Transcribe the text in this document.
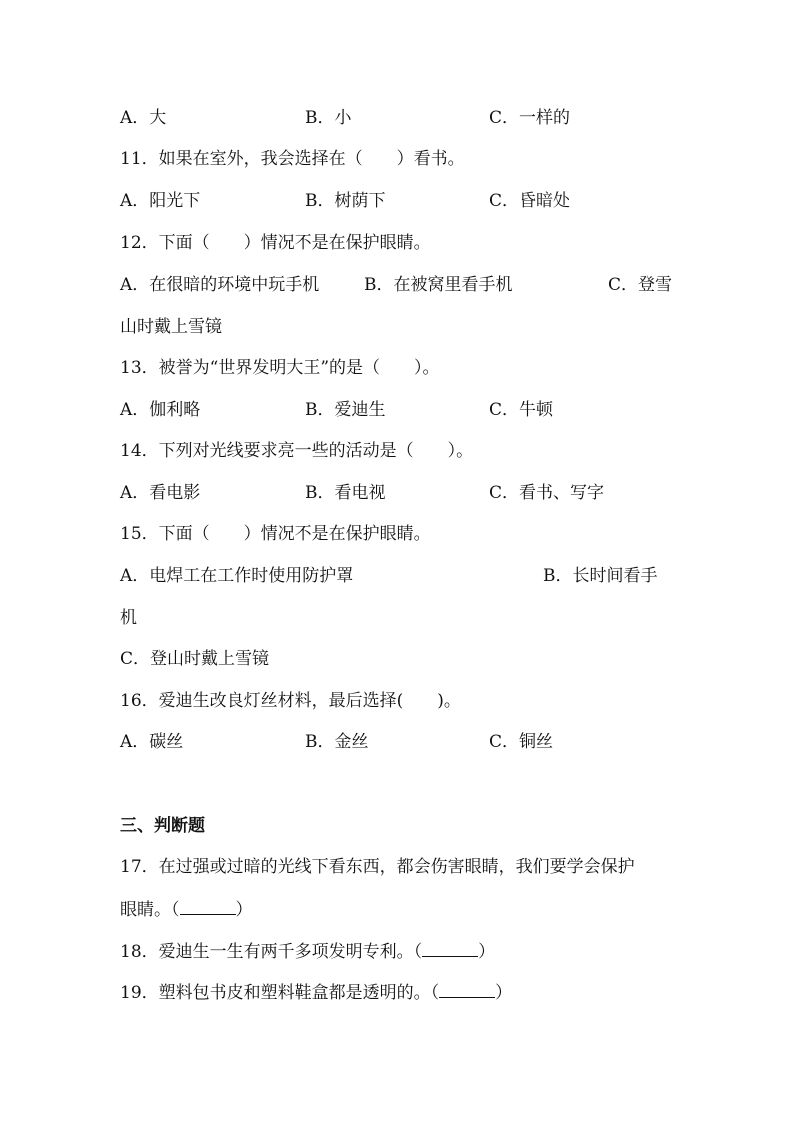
A．大	B．小	C．一样的
11．如果在室外，我会选择在（　　）看书。
A．阳光下	B．树荫下	C．昏暗处
12．下面（　　）情况不是在保护眼睛。
A．在很暗的环境中玩手机	B．在被窝里看手机	C．登雪
山时戴上雪镜
13．被誉为“世界发明大王”的是（　　）。
A．伽利略	B．爱迪生	C．牛顿
14．下列对光线要求亮一些的活动是（　　）。
A．看电影	B．看电视	C．看书、写字
15．下面（　　）情况不是在保护眼睛。
A．电焊工在工作时使用防护罩	B．长时间看手
机
C．登山时戴上雪镜
16．爱迪生改良灯丝材料，最后选择(　　)。
A．碳丝	B．金丝	C．铜丝
三、判断题
17．在过强或过暗的光线下看东西，都会伤害眼睛，我们要学会保护
眼睛。（	）
18．爱迪生一生有两千多项发明专利。（	）
19．塑料包书皮和塑料鞋盒都是透明的。（	）
